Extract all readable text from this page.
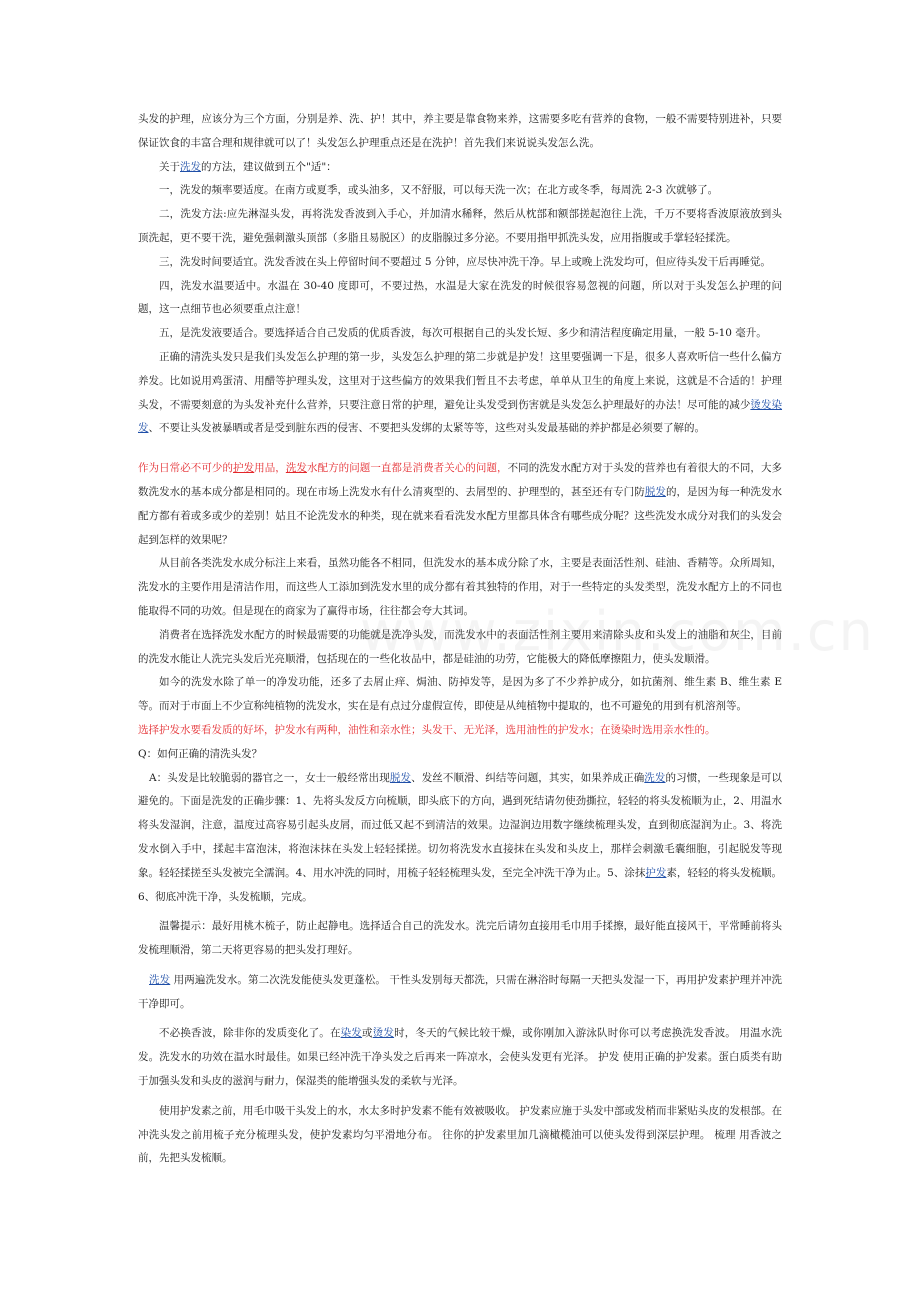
头发的护理，应该分为三个方面，分别是养、洗、护！其中，养主要是靠食物来养，这需要多吃有营养的食物，一般不需要特别进补，只要保证饮食的丰富合理和规律就可以了！头发怎么护理重点还是在洗护！首先我们来说说头发怎么洗。

关于洗发的方法，建议做到五个"适"：

一，洗发的频率要适度。在南方或夏季，或头油多，又不舒服，可以每天洗一次；在北方或冬季，每周洗 2-3 次就够了。

二，洗发方法:应先淋湿头发，再将洗发香波到入手心，并加清水稀释，然后从枕部和额部搓起泡往上洗，千万不要将香波原液放到头顶洗起，更不要干洗，避免强刺激头顶部（多脂且易脱区）的皮脂腺过多分泌。不要用指甲抓洗头发，应用指腹或手掌轻轻揉洗。

三，洗发时间要适宜。洗发香波在头上停留时间不要超过 5 分钟，应尽快冲洗干净。早上或晚上洗发均可，但应待头发干后再睡觉。

四，洗发水温要适中。水温在 30-40 度即可，不要过热，水温是大家在洗发的时候很容易忽视的问题，所以对于头发怎么护理的问题，这一点细节也必须要重点注意！

五，是洗发液要适合。要选择适合自己发质的优质香波，每次可根据自己的头发长短、多少和清洁程度确定用量，一般 5-10 毫升。

正确的清洗头发只是我们头发怎么护理的第一步，头发怎么护理的第二步就是护发！这里要强调一下是，很多人喜欢听信一些什么偏方养发。比如说用鸡蛋清、用醋等护理头发，这里对于这些偏方的效果我们暂且不去考虑，单单从卫生的角度上来说，这就是不合适的！护理头发，不需要刻意的为头发补充什么营养，只要注意日常的护理，避免让头发受到伤害就是头发怎么护理最好的办法！尽可能的减少烫发染发、不要让头发被暴晒或者是受到脏东西的侵害、不要把头发绑的太紧等等，这些对头发最基础的养护都是必须要了解的。

作为日常必不可少的护发用品，洗发水配方的问题一直都是消费者关心的问题，不同的洗发水配方对于头发的营养也有着很大的不同，大多数洗发水的基本成分都是相同的。现在市场上洗发水有什么清爽型的、去屑型的、护理型的，甚至还有专门防脱发的，是因为每一种洗发水配方都有着或多或少的差别！姑且不论洗发水的种类，现在就来看看洗发水配方里都具体含有哪些成分呢？这些洗发水成分对我们的头发会起到怎样的效果呢？

从目前各类洗发水成分标注上来看，虽然功能各不相同，但洗发水的基本成分除了水，主要是表面活性剂、硅油、香精等。众所周知，洗发水的主要作用是清洁作用，而这些人工添加到洗发水里的成分都有着其独特的作用，对于一些特定的头发类型，洗发水配方上的不同也能取得不同的功效。但是现在的商家为了赢得市场，往往都会夸大其词。

消费者在选择洗发水配方的时候最需要的功能就是洗净头发，而洗发水中的表面活性剂主要用来清除头皮和头发上的油脂和灰尘，目前的洗发水能让人洗完头发后光亮顺滑，包括现在的一些化妆品中，都是硅油的功劳，它能极大的降低摩擦阻力，使头发顺滑。

如今的洗发水除了单一的净发功能，还多了去屑止痒、焗油、防掉发等，是因为多了不少养护成分，如抗菌剂、维生素 B、维生素 E 等。而对于市面上不少宣称纯植物的洗发水，实在是有点过分虚假宣传，即使是从纯植物中提取的，也不可避免的用到有机溶剂等。

选择护发水要看发质的好坏，护发水有两种，油性和亲水性；头发干、无光泽，选用油性的护发水；在烫染时选用亲水性的。

Q：如何正确的清洗头发？

A：头发是比较脆弱的器官之一，女士一般经常出现脱发、发丝不顺滑、纠结等问题，其实，如果养成正确洗发的习惯，一些现象是可以避免的。下面是洗发的正确步骤：1、先将头发反方向梳顺，即头底下的方向，遇到死结请勿使劲撕拉，轻轻的将头发梳顺为止，2、用温水将头发湿润，注意，温度过高容易引起头皮屑，而过低又起不到清洁的效果。边湿润边用数字继续梳理头发，直到彻底湿润为止。3、将洗发水倒入手中，揉起丰富泡沫，将泡沫抹在头发上轻轻揉搓。切勿将洗发水直接抹在头发和头皮上，那样会刺激毛囊细胞，引起脱发等现象。轻轻揉搓至头发被完全濡润。4、用水冲洗的同时，用梳子轻轻梳理头发，至完全冲洗干净为止。5、涂抹护发素，轻轻的将头发梳顺。6、彻底冲洗干净，头发梳顺，完成。

温馨提示：最好用桃木梳子，防止起静电。选择适合自己的洗发水。洗完后请勿直接用毛巾用手揉擦，最好能直接风干，平常睡前将头发梳理顺滑，第二天将更容易的把头发打理好。

洗发 用两遍洗发水。第二次洗发能使头发更蓬松。 干性头发别每天都洗，只需在淋浴时每隔一天把头发湿一下，再用护发素护理并冲洗干净即可。

不必换香波，除非你的发质变化了。在染发或烫发时，冬天的气候比较干燥，或你刚加入游泳队时你可以考虑换洗发香波。 用温水洗发。洗发水的功效在温水时最佳。如果已经冲洗干净头发之后再来一阵凉水，会使头发更有光泽。 护发 使用正确的护发素。蛋白质类有助于加强头发和头皮的滋润与耐力，保湿类的能增强头发的柔软与光泽。

使用护发素之前，用毛巾吸干头发上的水，水太多时护发素不能有效被吸收。 护发素应施于头发中部或发梢而非紧贴头皮的发根部。在冲洗头发之前用梳子充分梳理头发，使护发素均匀平滑地分布。 往你的护发素里加几滴橄榄油可以使头发得到深层护理。 梳理 用香波之前，先把头发梳顺。
